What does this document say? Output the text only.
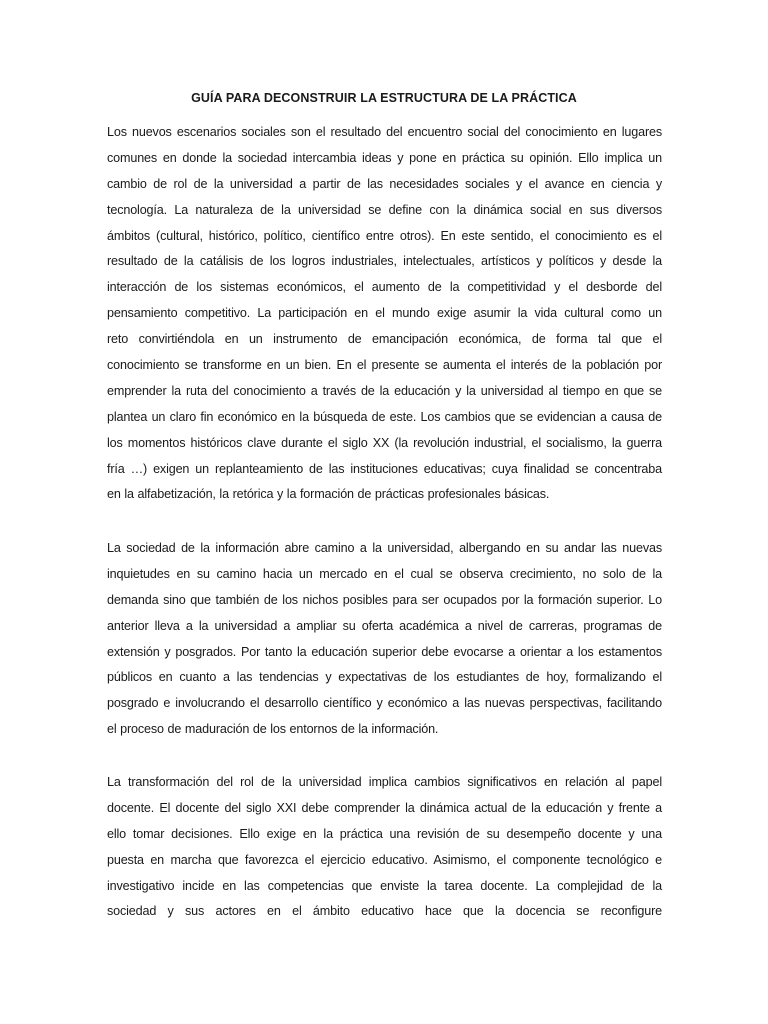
GUÍA PARA DECONSTRUIR LA ESTRUCTURA DE LA PRÁCTICA

Los nuevos escenarios sociales son el resultado del encuentro social del conocimiento en lugares
comunes en donde la sociedad intercambia ideas y pone en práctica su opinión. Ello implica un
cambio de rol de la universidad a partir de las necesidades sociales y el avance en ciencia y
tecnología. La naturaleza de la universidad se define con la dinámica social en sus diversos
ámbitos (cultural, histórico, político, científico entre otros). En este sentido, el conocimiento es el
resultado de la catálisis de los logros industriales, intelectuales, artísticos y políticos y desde la
interacción de los sistemas económicos, el aumento de la competitividad y el desborde del
pensamiento competitivo. La participación en el mundo exige asumir la vida cultural como un
reto convirtiéndola en un instrumento de emancipación económica, de forma tal que el
conocimiento se transforme en un bien. En el presente se aumenta el interés de la población por
emprender la ruta del conocimiento a través de la educación y la universidad al tiempo en que se
plantea un claro fin económico en la búsqueda de este. Los cambios que se evidencian a causa de
los momentos históricos clave durante el siglo XX (la revolución industrial, el socialismo, la guerra
fría …) exigen un replanteamiento de las instituciones educativas; cuya finalidad se concentraba
en la alfabetización, la retórica y la formación de prácticas profesionales básicas.

La sociedad de la información abre camino a la universidad, albergando en su andar las nuevas
inquietudes en su camino hacia un mercado en el cual se observa crecimiento, no solo de la
demanda sino que también de los nichos posibles para ser ocupados por la formación superior. Lo
anterior lleva a la universidad a ampliar su oferta académica a nivel de carreras, programas de
extensión y posgrados. Por tanto la educación superior debe evocarse a orientar a los estamentos
públicos en cuanto a las tendencias y expectativas de los estudiantes de hoy, formalizando el
posgrado e involucrando el desarrollo científico y económico a las nuevas perspectivas, facilitando
el proceso de maduración de los entornos de la información.

La transformación del rol de la universidad implica cambios significativos en relación al papel
docente. El docente del siglo XXI debe comprender la dinámica actual de la educación y frente a
ello tomar decisiones. Ello exige en la práctica una revisión de su desempeño docente y una
puesta en marcha que favorezca el ejercicio educativo. Asimismo, el componente tecnológico e
investigativo incide en las competencias que enviste la tarea docente. La complejidad de la
sociedad y sus actores en el ámbito educativo hace que la docencia se reconfigure
